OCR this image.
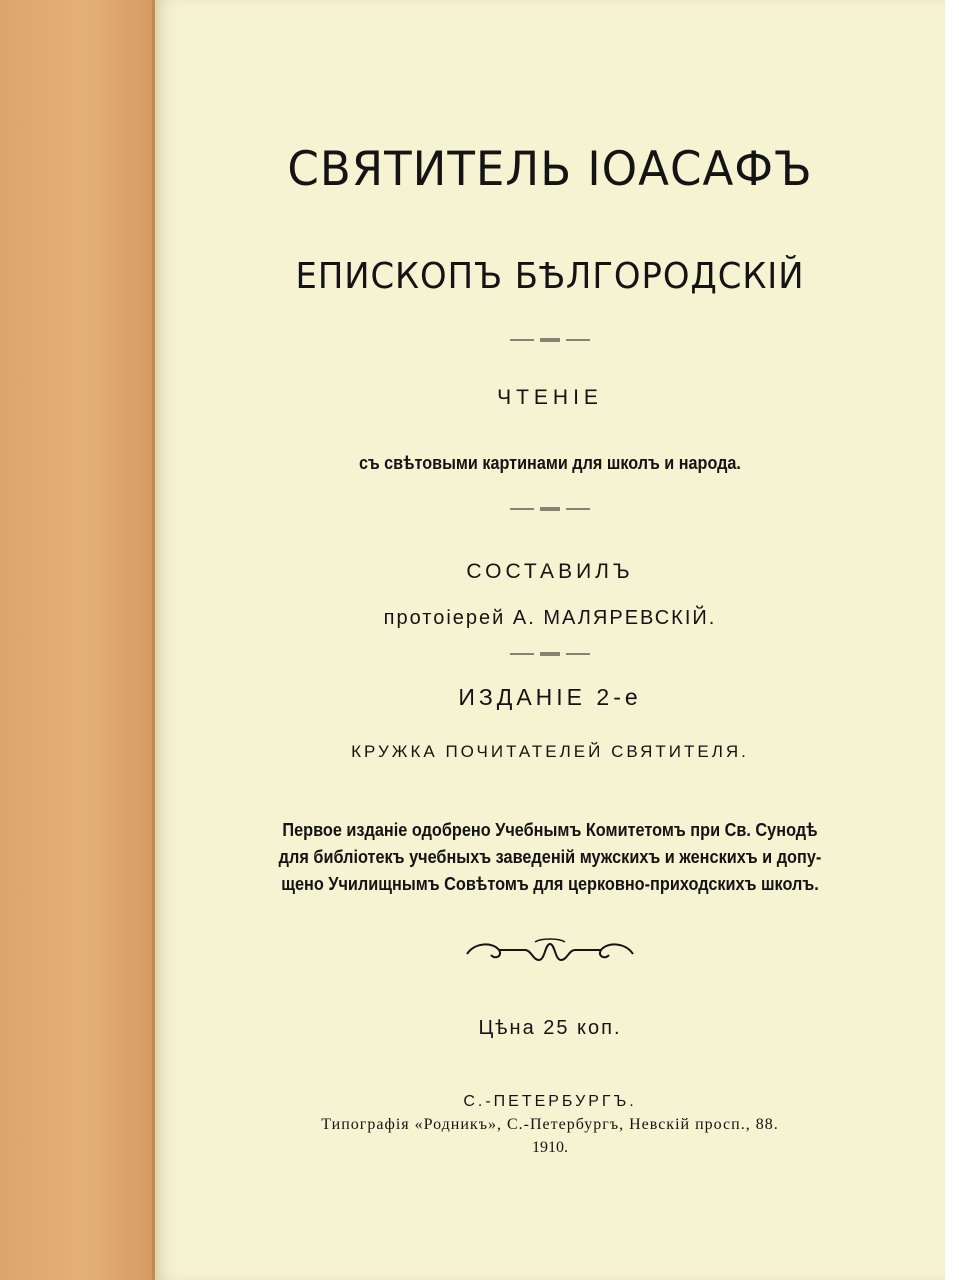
СВЯТИТЕЛЬ ІОАСАФЪ
ЕПИСКОПЪ БѢЛГОРОДСКІЙ
ЧТЕНІЕ
съ свѣтовыми картинами для школъ и народа.
СОСТАВИЛЪ
протоіерей А. МАЛЯРЕВСКІЙ.
ИЗДАНІЕ 2-е
КРУЖКА ПОЧИТАТЕЛЕЙ СВЯТИТЕЛЯ.
Первое изданіе одобрено Учебнымъ Комитетомъ при Св. Сунодѣ
для библіотекъ учебныхъ заведеній мужскихъ и женскихъ и допу-
щено Училищнымъ Совѣтомъ для церковно-приходскихъ школъ.
Цѣна 25 коп.
С.-ПЕТЕРБУРГЪ.
Типографія «Родникъ», С.-Петербургъ, Невскій просп., 88.
1910.
